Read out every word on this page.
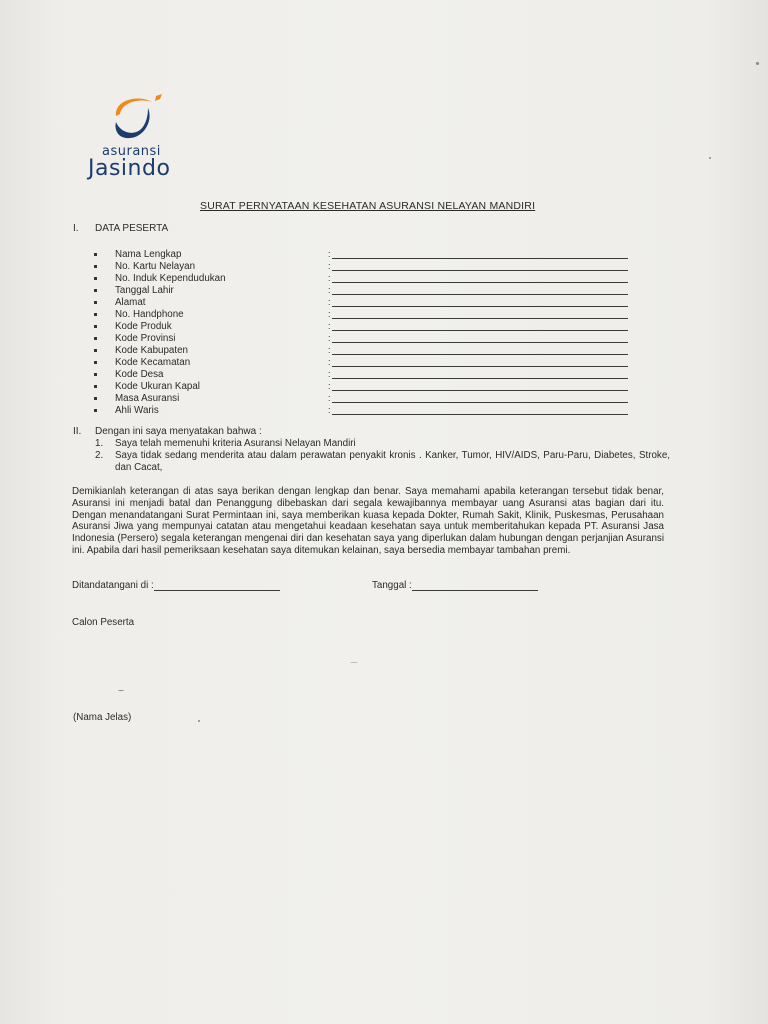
asuransi
Jasindo
SURAT PERNYATAAN KESEHATAN ASURANSI NELAYAN MANDIRI
I. DATA PESERTA
Nama Lengkap	:
No. Kartu Nelayan	:
No. Induk Kependudukan	:
Tanggal Lahir	:
Alamat	:
No. Handphone	:
Kode Produk	:
Kode Provinsi	:
Kode Kabupaten	:
Kode Kecamatan	:
Kode Desa	:
Kode Ukuran Kapal	:
Masa Asuransi	:
Ahli Waris	:
II. Dengan ini saya menyatakan bahwa :
1. Saya telah memenuhi kriteria Asuransi Nelayan Mandiri
2. Saya tidak sedang menderita atau dalam perawatan penyakit kronis . Kanker, Tumor, HIV/AIDS, Paru-Paru, Diabetes, Stroke, dan Cacat,
Demikianlah keterangan di atas saya berikan dengan lengkap dan benar. Saya memahami apabila keterangan tersebut tidak benar, Asuransi ini menjadi batal dan Penanggung dibebaskan dari segala kewajibannya membayar uang Asuransi atas bagian dari itu. Dengan menandatangani Surat Permintaan ini, saya memberikan kuasa kepada Dokter, Rumah Sakit, Klinik, Puskesmas, Perusahaan Asuransi Jiwa yang mempunyai catatan atau mengetahui keadaan kesehatan saya untuk memberitahukan kepada PT. Asuransi Jasa Indonesia (Persero) segala keterangan mengenai diri dan kesehatan saya yang diperlukan dalam hubungan dengan perjanjian Asuransi ini. Apabila dari hasil pemeriksaan kesehatan saya ditemukan kelainan, saya bersedia membayar tambahan premi.
Ditandatangani di :	Tanggal :
Calon Peserta
(Nama Jelas)
